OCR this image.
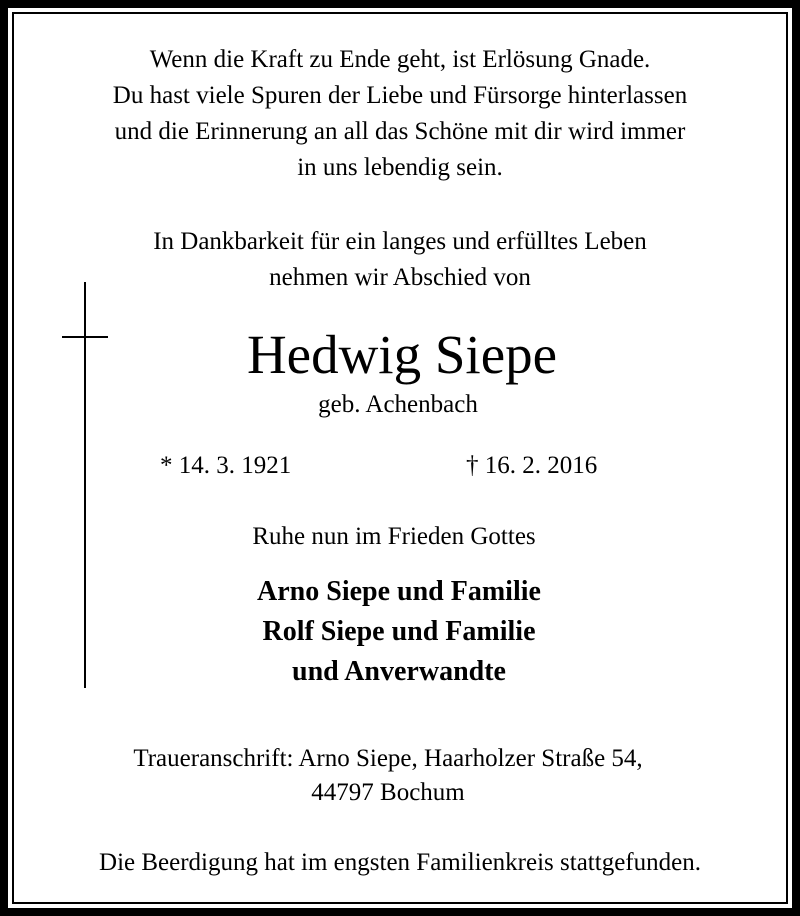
Wenn die Kraft zu Ende geht, ist Erlösung Gnade.
Du hast viele Spuren der Liebe und Fürsorge hinterlassen
und die Erinnerung an all das Schöne mit dir wird immer
in uns lebendig sein.
In Dankbarkeit für ein langes und erfülltes Leben
nehmen wir Abschied von
Hedwig Siepe
geb. Achenbach
* 14. 3. 1921	† 16. 2. 2016
Ruhe nun im Frieden Gottes
Arno Siepe und Familie
Rolf Siepe und Familie
und Anverwandte
Traueranschrift: Arno Siepe, Haarholzer Straße 54,
44797 Bochum
Die Beerdigung hat im engsten Familienkreis stattgefunden.
